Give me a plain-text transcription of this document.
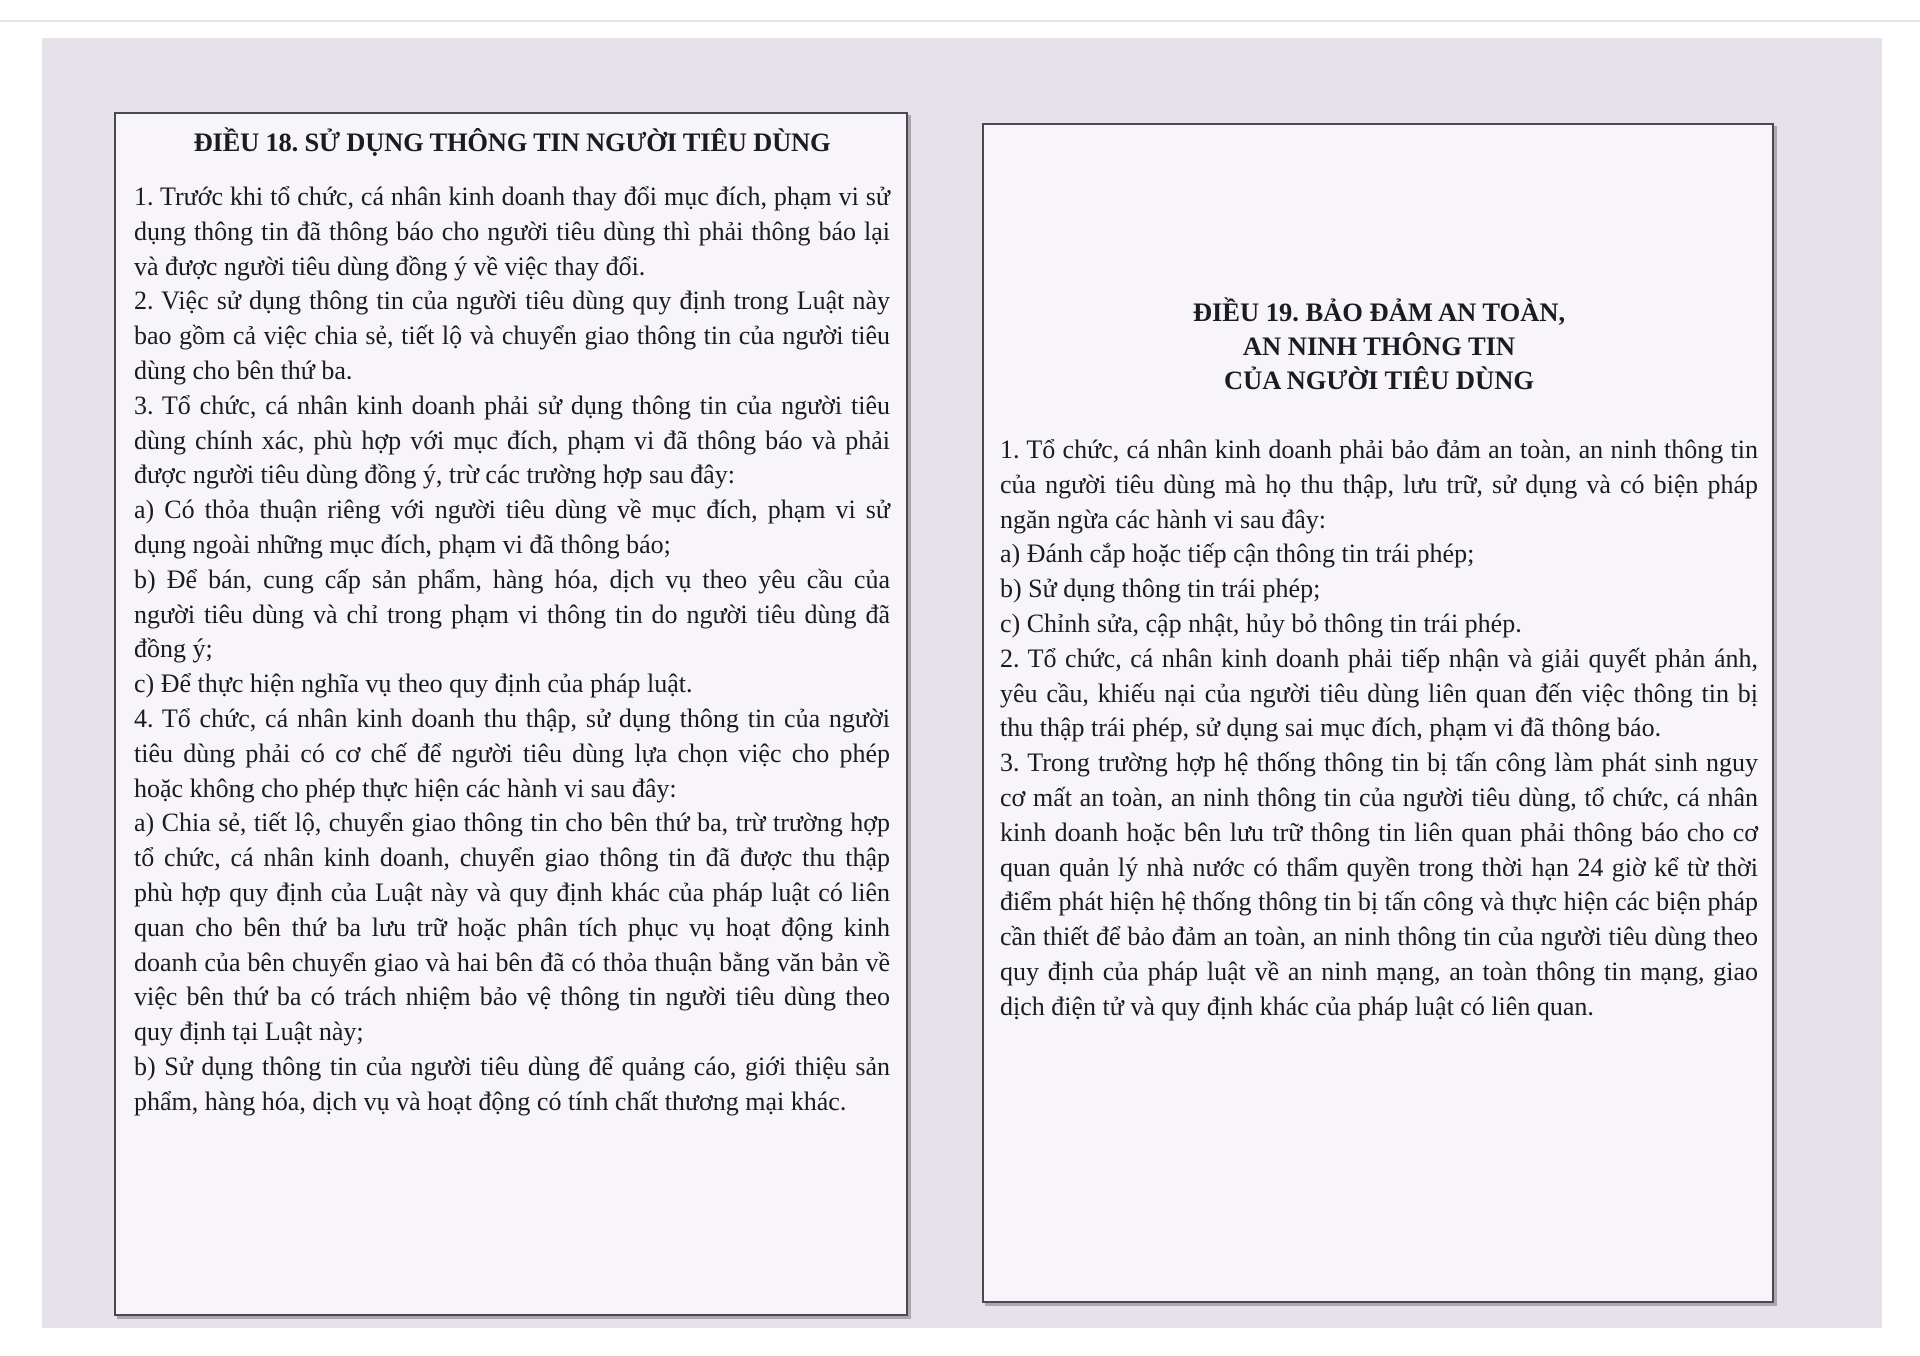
ĐIỀU 18. SỬ DỤNG THÔNG TIN NGƯỜI TIÊU DÙNG

1. Trước khi tổ chức, cá nhân kinh doanh thay đổi mục đích, phạm vi sử dụng thông tin đã thông báo cho người tiêu dùng thì phải thông báo lại và được người tiêu dùng đồng ý về việc thay đổi.

2. Việc sử dụng thông tin của người tiêu dùng quy định trong Luật này bao gồm cả việc chia sẻ, tiết lộ và chuyển giao thông tin của người tiêu dùng cho bên thứ ba.

3. Tổ chức, cá nhân kinh doanh phải sử dụng thông tin của người tiêu dùng chính xác, phù hợp với mục đích, phạm vi đã thông báo và phải được người tiêu dùng đồng ý, trừ các trường hợp sau đây:

a) Có thỏa thuận riêng với người tiêu dùng về mục đích, phạm vi sử dụng ngoài những mục đích, phạm vi đã thông báo;

b) Để bán, cung cấp sản phẩm, hàng hóa, dịch vụ theo yêu cầu của người tiêu dùng và chỉ trong phạm vi thông tin do người tiêu dùng đã đồng ý;

c) Để thực hiện nghĩa vụ theo quy định của pháp luật.

4. Tổ chức, cá nhân kinh doanh thu thập, sử dụng thông tin của người tiêu dùng phải có cơ chế để người tiêu dùng lựa chọn việc cho phép hoặc không cho phép thực hiện các hành vi sau đây:

a) Chia sẻ, tiết lộ, chuyển giao thông tin cho bên thứ ba, trừ trường hợp tổ chức, cá nhân kinh doanh, chuyển giao thông tin đã được thu thập phù hợp quy định của Luật này và quy định khác của pháp luật có liên quan cho bên thứ ba lưu trữ hoặc phân tích phục vụ hoạt động kinh doanh của bên chuyển giao và hai bên đã có thỏa thuận bằng văn bản về việc bên thứ ba có trách nhiệm bảo vệ thông tin người tiêu dùng theo quy định tại Luật này;

b) Sử dụng thông tin của người tiêu dùng để quảng cáo, giới thiệu sản phẩm, hàng hóa, dịch vụ và hoạt động có tính chất thương mại khác.

ĐIỀU 19. BẢO ĐẢM AN TOÀN,
AN NINH THÔNG TIN
CỦA NGƯỜI TIÊU DÙNG

1. Tổ chức, cá nhân kinh doanh phải bảo đảm an toàn, an ninh thông tin của người tiêu dùng mà họ thu thập, lưu trữ, sử dụng và có biện pháp ngăn ngừa các hành vi sau đây:

a) Đánh cắp hoặc tiếp cận thông tin trái phép;

b) Sử dụng thông tin trái phép;

c) Chỉnh sửa, cập nhật, hủy bỏ thông tin trái phép.

2. Tổ chức, cá nhân kinh doanh phải tiếp nhận và giải quyết phản ánh, yêu cầu, khiếu nại của người tiêu dùng liên quan đến việc thông tin bị thu thập trái phép, sử dụng sai mục đích, phạm vi đã thông báo.

3. Trong trường hợp hệ thống thông tin bị tấn công làm phát sinh nguy cơ mất an toàn, an ninh thông tin của người tiêu dùng, tổ chức, cá nhân kinh doanh hoặc bên lưu trữ thông tin liên quan phải thông báo cho cơ quan quản lý nhà nước có thẩm quyền trong thời hạn 24 giờ kể từ thời điểm phát hiện hệ thống thông tin bị tấn công và thực hiện các biện pháp cần thiết để bảo đảm an toàn, an ninh thông tin của người tiêu dùng theo quy định của pháp luật về an ninh mạng, an toàn thông tin mạng, giao dịch điện tử và quy định khác của pháp luật có liên quan.
